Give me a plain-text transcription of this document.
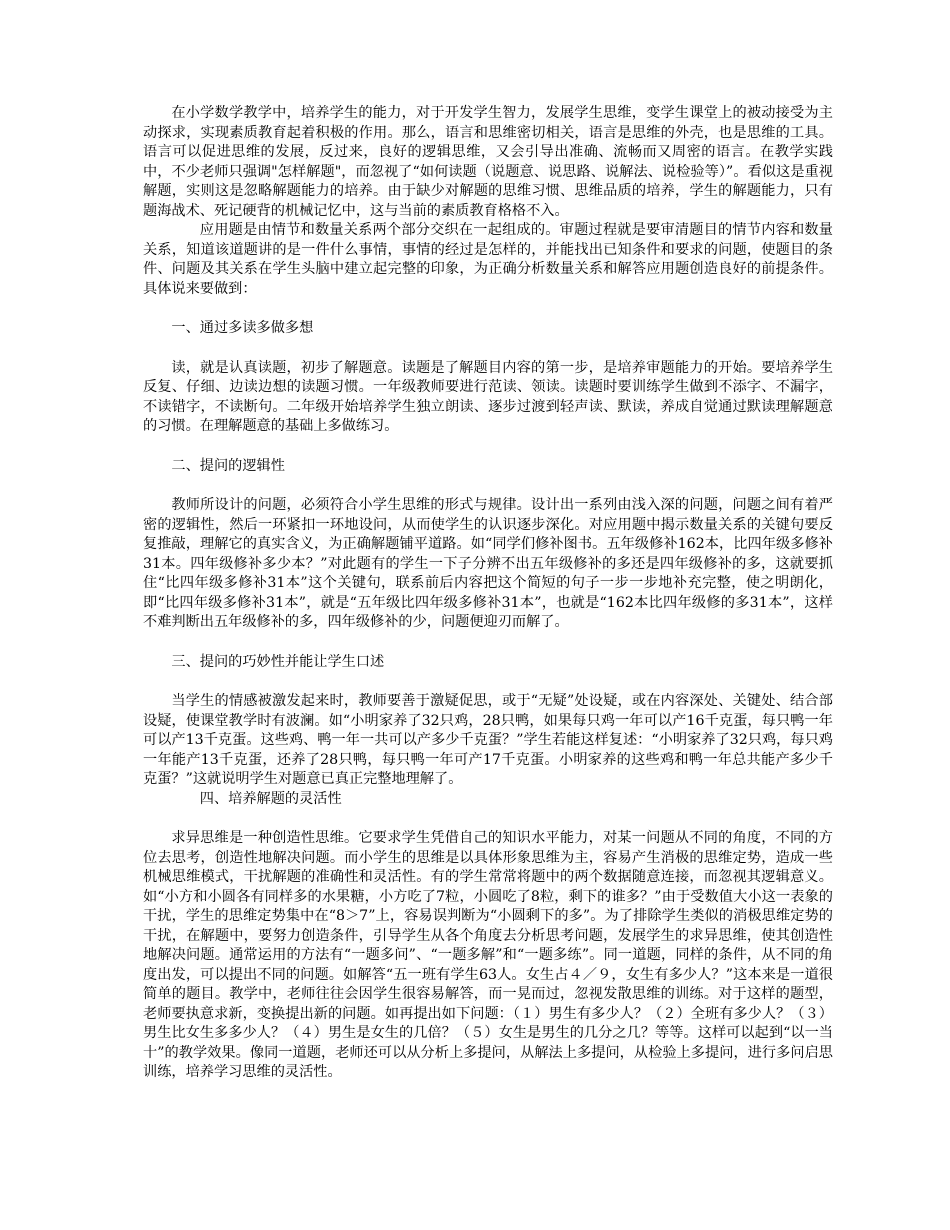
在小学数学教学中，培养学生的能力，对于开发学生智力，发展学生思维，变学生课堂上的被动接受为主动探求，实现素质教育起着积极的作用。那么，语言和思维密切相关，语言是思维的外壳，也是思维的工具。语言可以促进思维的发展，反过来，良好的逻辑思维，又会引导出准确、流畅而又周密的语言。在教学实践中，不少老师只强调"怎样解题"，而忽视了“如何读题（说题意、说思路、说解法、说检验等）”。看似这是重视解题，实则这是忽略解题能力的培养。由于缺少对解题的思维习惯、思维品质的培养，学生的解题能力，只有题海战术、死记硬背的机械记忆中，这与当前的素质教育格格不入。

应用题是由情节和数量关系两个部分交织在一起组成的。审题过程就是要审清题目的情节内容和数量关系，知道该道题讲的是一件什么事情，事情的经过是怎样的，并能找出已知条件和要求的问题，使题目的条件、问题及其关系在学生头脑中建立起完整的印象，为正确分析数量关系和解答应用题创造良好的前提条件。具体说来要做到：

一、通过多读多做多想

读，就是认真读题，初步了解题意。读题是了解题目内容的第一步，是培养审题能力的开始。要培养学生反复、仔细、边读边想的读题习惯。一年级教师要进行范读、领读。读题时要训练学生做到不添字、不漏字，不读错字，不读断句。二年级开始培养学生独立朗读、逐步过渡到轻声读、默读，养成自觉通过默读理解题意的习惯。在理解题意的基础上多做练习。

二、提问的逻辑性

教师所设计的问题，必须符合小学生思维的形式与规律。设计出一系列由浅入深的问题，问题之间有着严密的逻辑性，然后一环紧扣一环地设问，从而使学生的认识逐步深化。对应用题中揭示数量关系的关键句要反复推敲，理解它的真实含义，为正确解题铺平道路。如“同学们修补图书。五年级修补162本，比四年级多修补31本。四年级修补多少本？”对此题有的学生一下子分辨不出五年级修补的多还是四年级修补的多，这就要抓住“比四年级多修补31本”这个关键句，联系前后内容把这个简短的句子一步一步地补充完整，使之明朗化，即“比四年级多修补31本”，就是“五年级比四年级多修补31本”，也就是“162本比四年级修的多31本”，这样不难判断出五年级修补的多，四年级修补的少，问题便迎刃而解了。

三、提问的巧妙性并能让学生口述

当学生的情感被激发起来时，教师要善于激疑促思，或于“无疑”处设疑，或在内容深处、关键处、结合部设疑，使课堂教学时有波澜。如“小明家养了32只鸡，28只鸭，如果每只鸡一年可以产16千克蛋，每只鸭一年可以产13千克蛋。这些鸡、鸭一年一共可以产多少千克蛋？”学生若能这样复述：“小明家养了32只鸡，每只鸡一年能产13千克蛋，还养了28只鸭，每只鸭一年可产17千克蛋。小明家养的这些鸡和鸭一年总共能产多少千克蛋？”这就说明学生对题意已真正完整地理解了。

四、培养解题的灵活性

求异思维是一种创造性思维。它要求学生凭借自己的知识水平能力，对某一问题从不同的角度，不同的方位去思考，创造性地解决问题。而小学生的思维是以具体形象思维为主，容易产生消极的思维定势，造成一些机械思维模式，干扰解题的准确性和灵活性。有的学生常常将题中的两个数据随意连接，而忽视其逻辑意义。如“小方和小圆各有同样多的水果糖，小方吃了7粒，小圆吃了8粒，剩下的谁多？”由于受数值大小这一表象的干扰，学生的思维定势集中在“8＞7”上，容易误判断为“小圆剩下的多”。为了排除学生类似的消极思维定势的干扰，在解题中，要努力创造条件，引导学生从各个角度去分析思考问题，发展学生的求异思维，使其创造性地解决问题。通常运用的方法有“一题多问”、“一题多解”和“一题多练”。同一道题，同样的条件，从不同的角度出发，可以提出不同的问题。如解答“五一班有学生63人。女生占４／９，女生有多少人？”这本来是一道很简单的题目。教学中，老师往往会因学生很容易解答，而一晃而过，忽视发散思维的训练。对于这样的题型，老师要执意求新，变换提出新的问题。如再提出如下问题：（１）男生有多少人？（２）全班有多少人？（３）男生比女生多多少人？（４）男生是女生的几倍？（５）女生是男生的几分之几？等等。这样可以起到“以一当十”的教学效果。像同一道题，老师还可以从分析上多提问，从解法上多提问，从检验上多提问，进行多问启思训练，培养学习思维的灵活性。
